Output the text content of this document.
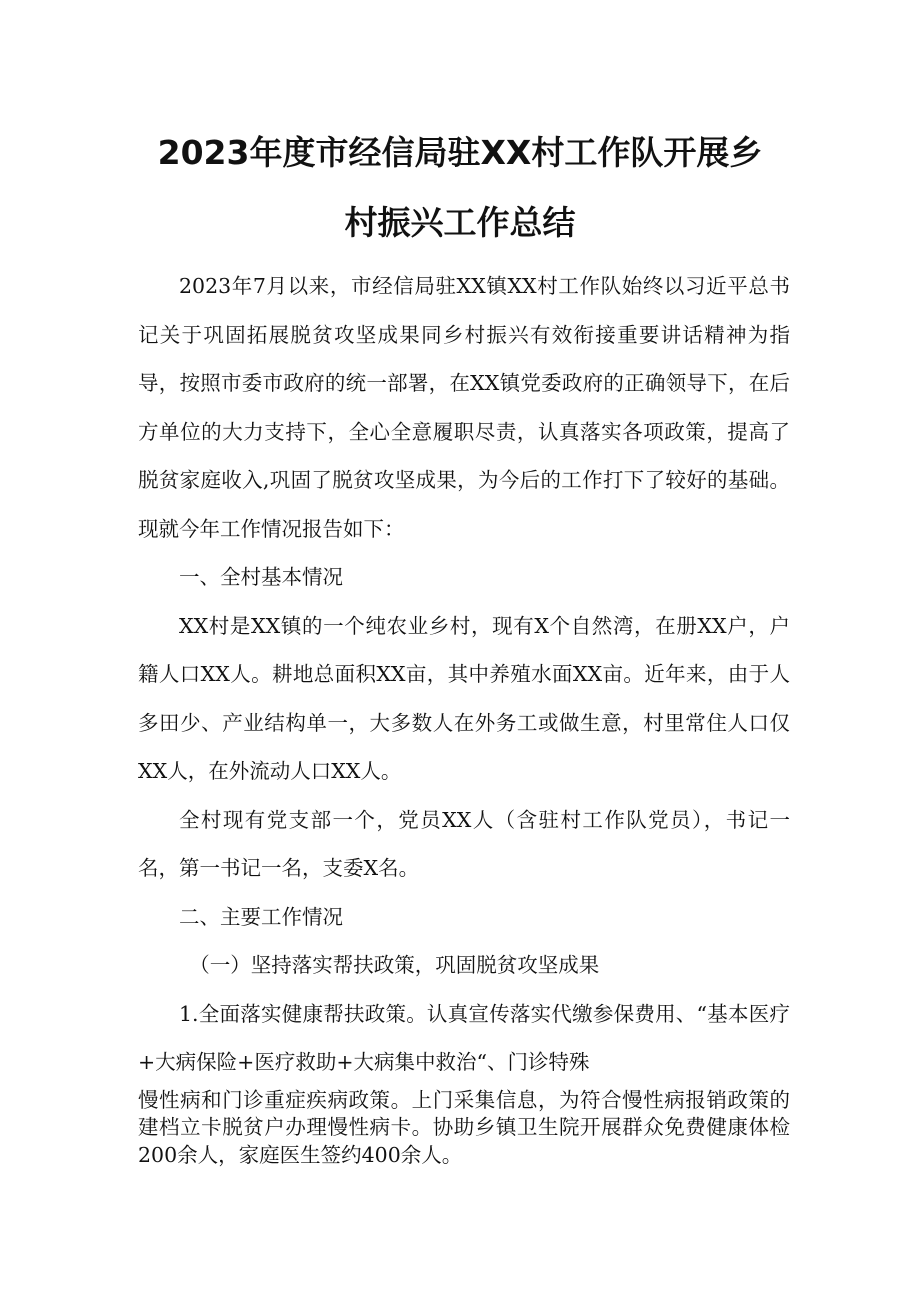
2023年度市经信局驻XX村工作队开展乡
村振兴工作总结

2023年7月以来，市经信局驻XX镇XX村工作队始终以习近平总书记关于巩固拓展脱贫攻坚成果同乡村振兴有效衔接重要讲话精神为指导，按照市委市政府的统一部署，在XX镇党委政府的正确领导下，在后方单位的大力支持下，全心全意履职尽责，认真落实各项政策，提高了脱贫家庭收入,巩固了脱贫攻坚成果，为今后的工作打下了较好的基础。现就今年工作情况报告如下：

一、全村基本情况

XX村是XX镇的一个纯农业乡村，现有X个自然湾，在册XX户，户籍人口XX人。耕地总面积XX亩，其中养殖水面XX亩。近年来，由于人多田少、产业结构单一，大多数人在外务工或做生意，村里常住人口仅XX人，在外流动人口XX人。

全村现有党支部一个，党员XX人（含驻村工作队党员），书记一名，第一书记一名，支委X名。

二、主要工作情况

（一）坚持落实帮扶政策，巩固脱贫攻坚成果

1.全面落实健康帮扶政策。认真宣传落实代缴参保费用、“基本医疗+大病保险+医疗救助+大病集中救治“、门诊特殊

慢性病和门诊重症疾病政策。上门采集信息，为符合慢性病报销政策的建档立卡脱贫户办理慢性病卡。协助乡镇卫生院开展群众免费健康体检200余人，家庭医生签约400余人。
